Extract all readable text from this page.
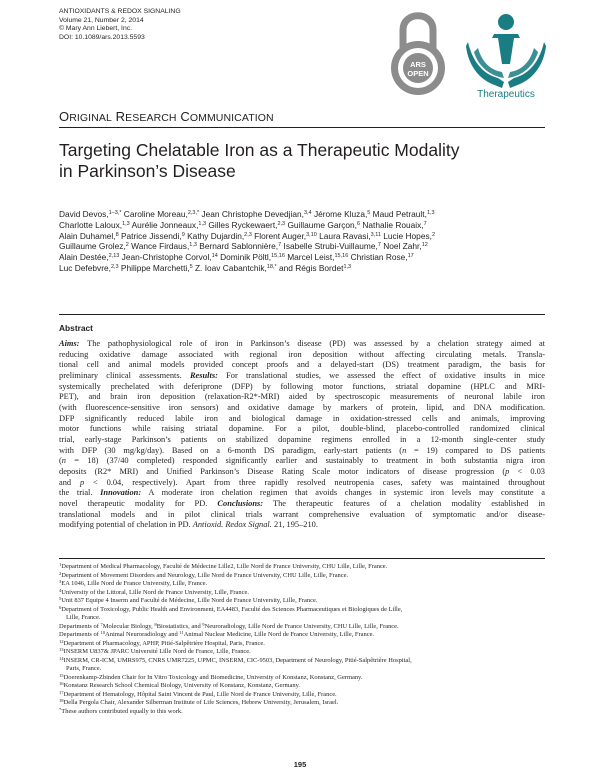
ANTIOXIDANTS & REDOX SIGNALING
Volume 21, Number 2, 2014
© Mary Ann Liebert, Inc.
DOI: 10.1089/ars.2013.5593
ARS
OPEN
Therapeutics
ORIGINAL RESEARCH COMMUNICATION
Targeting Chelatable Iron as a Therapeutic Modality
in Parkinson’s Disease
David Devos,$^{1-3,*}$ Caroline Moreau,$^{2,3,*}$ Jean Christophe Devedjian,$^{3,4}$ Jérome Kluza,$^5$ Maud Petrault,$^{1,3}$
Charlotte Laloux,$^{1,3}$ Aurélie Jonneaux,$^{1,3}$ Gilles Ryckewaert,$^{2,3}$ Guillaume Garçon,$^6$ Nathalie Rouaix,$^7$
Alain Duhamel,$^8$ Patrice Jissendi,$^9$ Kathy Dujardin,$^{2,3}$ Florent Auger,$^{3,10}$ Laura Ravasi,$^{3,11}$ Lucie Hopes,$^2$
Guillaume Grolez,$^2$ Wance Firdaus,$^{1,3}$ Bernard Sablonnière,$^7$ Isabelle Strubi-Vuillaume,$^7$ Noel Zahr,$^{12}$
Alain Destée,$^{2,13}$ Jean-Christophe Corvol,$^{14}$ Dominik Pöltl,$^{15,16}$ Marcel Leist,$^{15,16}$ Christian Rose,$^{17}$
Luc Defebvre,$^{2,3}$ Philippe Marchetti,$^5$ Z. Ioav Cabantchik,$^{18,*}$ and Régis Bordet$^{1,3}$
Abstract
Aims: The pathophysiological role of iron in Parkinson’s disease (PD) was assessed by a chelation strategy aimed at
reducing oxidative damage associated with regional iron deposition without affecting circulating metals. Transla-
tional cell and animal models provided concept proofs and a delayed-start (DS) treatment paradigm, the basis for
preliminary clinical assessments. Results: For translational studies, we assessed the effect of oxidative insults in mice
systemically prechelated with deferiprone (DFP) by following motor functions, striatal dopamine (HPLC and MRI-
PET), and brain iron deposition (relaxation-R2*-MRI) aided by spectroscopic measurements of neuronal labile iron
(with fluorescence-sensitive iron sensors) and oxidative damage by markers of protein, lipid, and DNA modification.
DFP significantly reduced labile iron and biological damage in oxidation-stressed cells and animals, improving
motor functions while raising striatal dopamine. For a pilot, double-blind, placebo-controlled randomized clinical
trial, early-stage Parkinson’s patients on stabilized dopamine regimens enrolled in a 12-month single-center study
with DFP (30 mg/kg/day). Based on a 6-month DS paradigm, early-start patients (n = 19) compared to DS patients
(n = 18) (37/40 completed) responded significantly earlier and sustainably to treatment in both substantia nigra iron
deposits (R2* MRI) and Unified Parkinson’s Disease Rating Scale motor indicators of disease progression (p < 0.03
and p < 0.04, respectively). Apart from three rapidly resolved neutropenia cases, safety was maintained throughout
the trial. Innovation: A moderate iron chelation regimen that avoids changes in systemic iron levels may constitute a
novel therapeutic modality for PD. Conclusions: The therapeutic features of a chelation modality established in
translational models and in pilot clinical trials warrant comprehensive evaluation of symptomatic and/or disease-
modifying potential of chelation in PD. Antioxid. Redox Signal. 21, 195–210.
$^1$Department of Medical Pharmacology, Faculté de Médecine Lille2, Lille Nord de France University, CHU Lille, Lille, France.
$^2$Department of Movement Disorders and Neurology, Lille Nord de France University, CHU Lille, Lille, France.
$^3$EA 1046, Lille Nord de France University, Lille, France.
$^4$University of the Littoral, Lille Nord de France University, Lille, France.
$^5$Unit 837 Equipe 4 Inserm and Faculté de Médecine, Lille Nord de France University, Lille, France.
$^6$Department of Toxicology, Public Health and Environment, EA4483, Faculté des Sciences Pharmaceutiques et Biologiques de Lille,
Lille, France.
Departments of $^7$Molecular Biology, $^8$Biostatistics, and $^9$Neuroradiology, Lille Nord de France University, CHU Lille, Lille, France.
Departments of $^{10}$Animal Neuroradiology and $^{11}$Animal Nuclear Medicine, Lille Nord de France University, Lille, France.
$^{12}$Department of Pharmacology, APHP, Pitié-Salpêtrière Hospital, Paris, France.
$^{13}$INSERM U837& JPARC Université Lille Nord de France, Lille, France.
$^{14}$INSERM, CR-ICM, UMRS975, CNRS UMR7225, UPMC, INSERM, CIC-9503, Department of Neurology, Pitié-Salpêtrière Hospital,
Paris, France.
$^{15}$Doerenkamp-Zbinden Chair for In Vitro Toxicology and Biomedicine, University of Konstanz, Konstanz, Germany.
$^{16}$Konstanz Research School Chemical Biology, University of Konstanz, Konstanz, Germany.
$^{17}$Department of Hematology, Hôpital Saint Vincent de Paul, Lille Nord de France University, Lille, France.
$^{18}$Della Pergola Chair, Alexander Silberman Institute of Life Sciences, Hebrew University, Jerusalem, Israel.
*These authors contributed equally to this work.
195
